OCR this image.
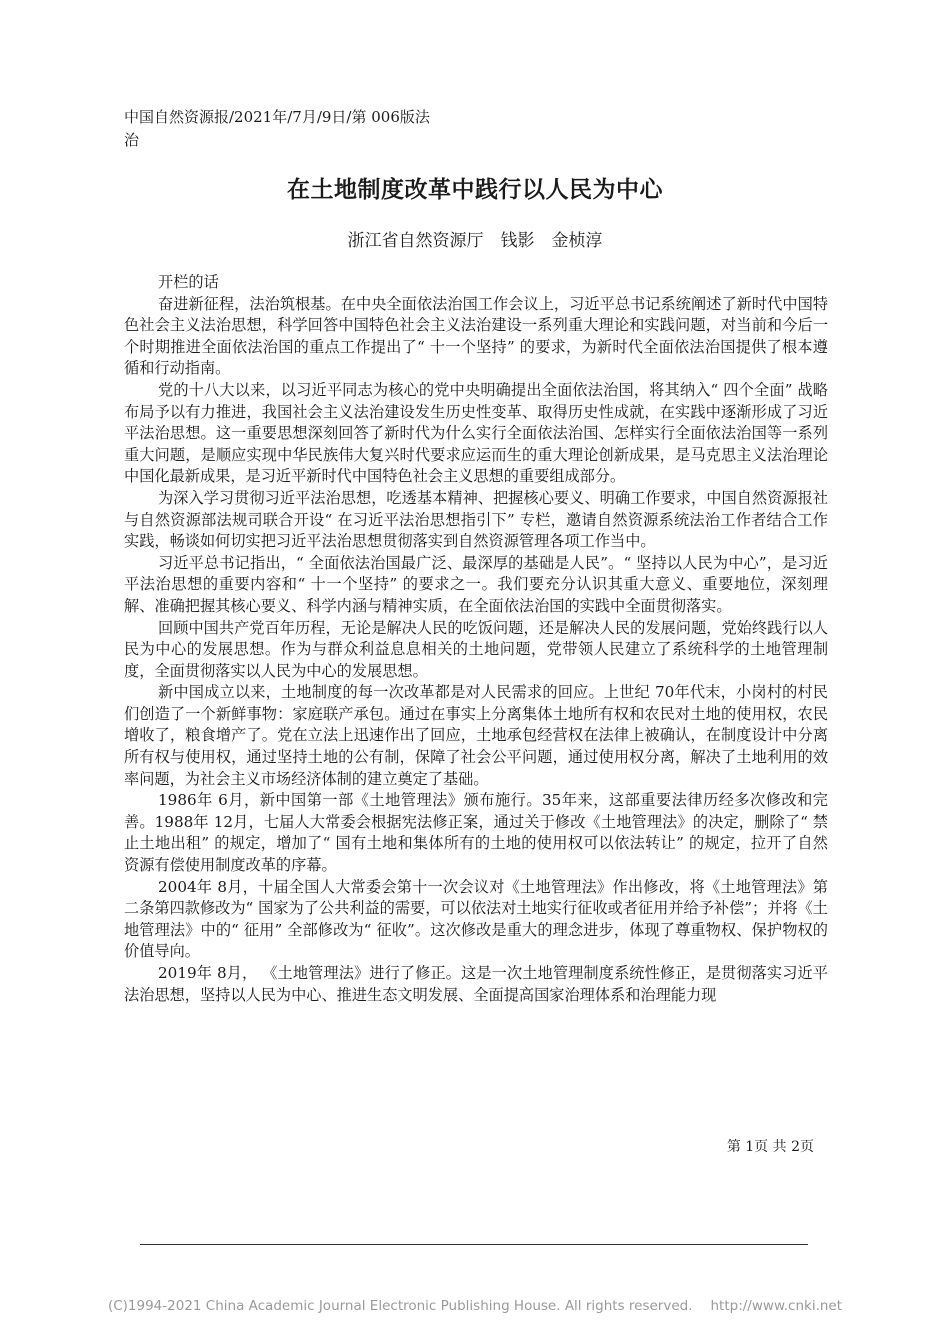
中国自然资源报/2021年/7月/9日/第 006版法治

在土地制度改革中践行以人民为中心

浙江省自然资源厅　钱影　金桢淳

开栏的话

奋进新征程，法治筑根基。在中央全面依法治国工作会议上，习近平总书记系统阐述了新时代中国特色社会主义法治思想，科学回答中国特色社会主义法治建设一系列重大理论和实践问题，对当前和今后一个时期推进全面依法治国的重点工作提出了“ 十一个坚持” 的要求，为新时代全面依法治国提供了根本遵循和行动指南。

党的十八大以来，以习近平同志为核心的党中央明确提出全面依法治国，将其纳入“ 四个全面” 战略布局予以有力推进，我国社会主义法治建设发生历史性变革、取得历史性成就，在实践中逐渐形成了习近平法治思想。这一重要思想深刻回答了新时代为什么实行全面依法治国、怎样实行全面依法治国等一系列重大问题，是顺应实现中华民族伟大复兴时代要求应运而生的重大理论创新成果，是马克思主义法治理论中国化最新成果，是习近平新时代中国特色社会主义思想的重要组成部分。

为深入学习贯彻习近平法治思想，吃透基本精神、把握核心要义、明确工作要求，中国自然资源报社与自然资源部法规司联合开设“ 在习近平法治思想指引下” 专栏，邀请自然资源系统法治工作者结合工作实践，畅谈如何切实把习近平法治思想贯彻落实到自然资源管理各项工作当中。

习近平总书记指出，“ 全面依法治国最广泛、最深厚的基础是人民”。“ 坚持以人民为中心”，是习近平法治思想的重要内容和“ 十一个坚持” 的要求之一。我们要充分认识其重大意义、重要地位，深刻理解、准确把握其核心要义、科学内涵与精神实质，在全面依法治国的实践中全面贯彻落实。

回顾中国共产党百年历程，无论是解决人民的吃饭问题，还是解决人民的发展问题，党始终践行以人民为中心的发展思想。作为与群众利益息息相关的土地问题，党带领人民建立了系统科学的土地管理制度，全面贯彻落实以人民为中心的发展思想。

新中国成立以来，土地制度的每一次改革都是对人民需求的回应。上世纪 70年代末，小岗村的村民们创造了一个新鲜事物：家庭联产承包。通过在事实上分离集体土地所有权和农民对土地的使用权，农民增收了，粮食增产了。党在立法上迅速作出了回应，土地承包经营权在法律上被确认，在制度设计中分离所有权与使用权，通过坚持土地的公有制，保障了社会公平问题，通过使用权分离，解决了土地利用的效率问题，为社会主义市场经济体制的建立奠定了基础。

1986年 6月，新中国第一部《土地管理法》颁布施行。35年来，这部重要法律历经多次修改和完善。1988年 12月，七届人大常委会根据宪法修正案，通过关于修改《土地管理法》的决定，删除了“ 禁止土地出租” 的规定，增加了“ 国有土地和集体所有的土地的使用权可以依法转让” 的规定，拉开了自然资源有偿使用制度改革的序幕。

2004年 8月，十届全国人大常委会第十一次会议对《土地管理法》作出修改，将《土地管理法》第二条第四款修改为“ 国家为了公共利益的需要，可以依法对土地实行征收或者征用并给予补偿”；并将《土地管理法》中的“ 征用” 全部修改为“ 征收”。这次修改是重大的理念进步，体现了尊重物权、保护物权的价值导向。

2019年 8月， 《土地管理法》进行了修正。这是一次土地管理制度系统性修正，是贯彻落实习近平法治思想，坚持以人民为中心、推进生态文明发展、全面提高国家治理体系和治理能力现

第 1页 共 2页

(C)1994-2021 China Academic Journal Electronic Publishing House. All rights reserved. http://www.cnki.net
